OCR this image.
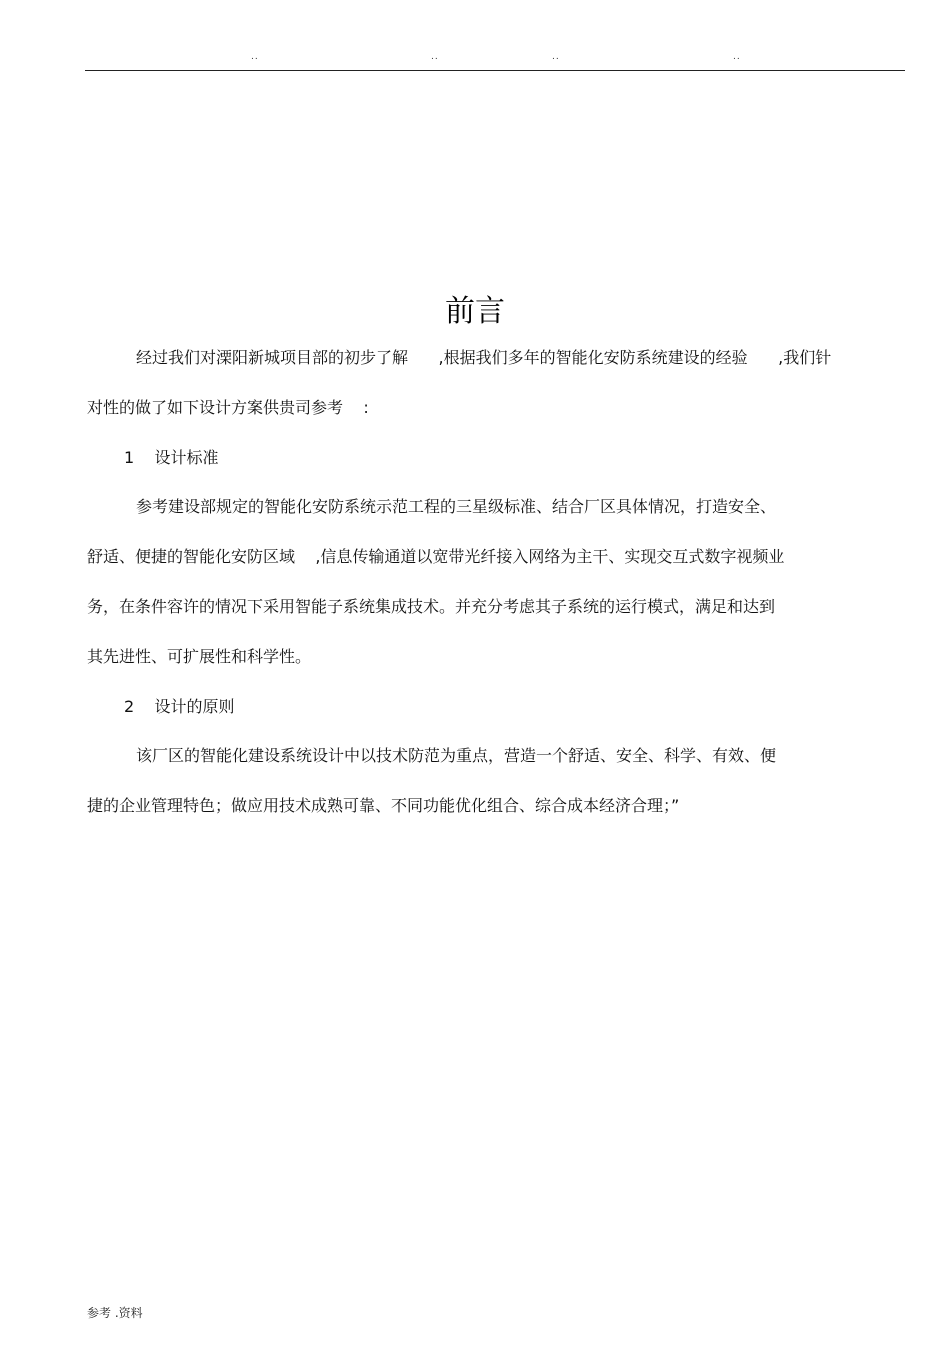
..	..	..	..
前言
经过我们对溧阳新城项目部的初步了解      ,根据我们多年的智能化安防系统建设的经验      ,我们针
对性的做了如下设计方案供贵司参考    :
1    设计标准
参考建设部规定的智能化安防系统示范工程的三星级标准、结合厂区具体情况，打造安全、
舒适、便捷的智能化安防区域    ,信息传输通道以宽带光纤接入网络为主干、实现交互式数字视频业
务，在条件容许的情况下采用智能子系统集成技术。并充分考虑其子系统的运行模式，满足和达到
其先进性、可扩展性和科学性。
2    设计的原则
该厂区的智能化建设系统设计中以技术防范为重点，营造一个舒适、安全、科学、有效、便
捷的企业管理特色；做应用技术成熟可靠、不同功能优化组合、综合成本经济合理；”
参考 .资料
